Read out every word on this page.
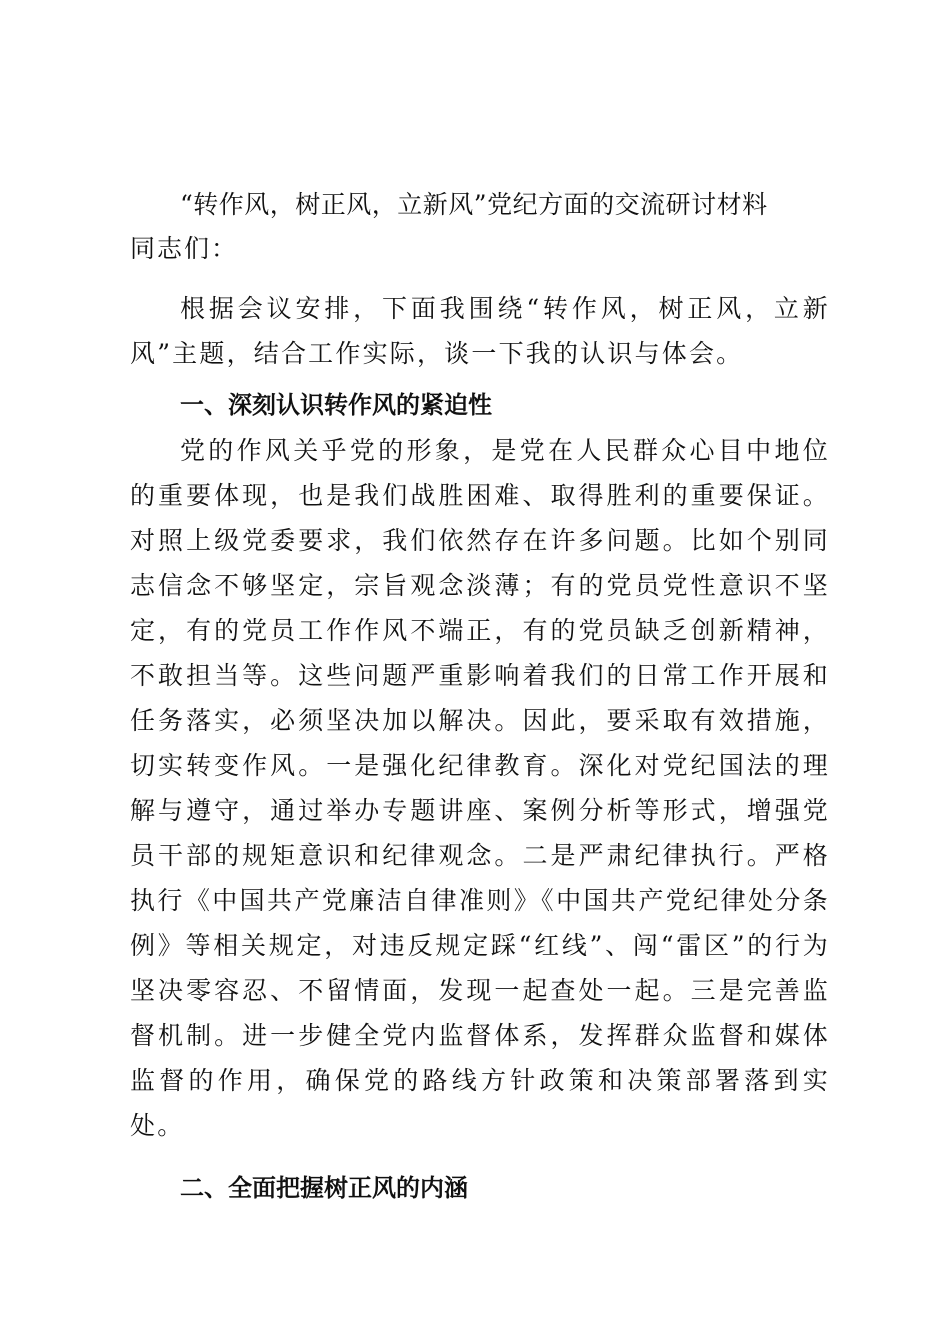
“转作风，树正风，立新风”党纪方面的交流研讨材料
同志们：

根据会议安排，下面我围绕“转作风，树正风，立新风”主题，结合工作实际，谈一下我的认识与体会。

一、深刻认识转作风的紧迫性

党的作风关乎党的形象，是党在人民群众心目中地位的重要体现，也是我们战胜困难、取得胜利的重要保证。对照上级党委要求，我们依然存在许多问题。比如个别同志信念不够坚定，宗旨观念淡薄；有的党员党性意识不坚定，有的党员工作作风不端正，有的党员缺乏创新精神，不敢担当等。这些问题严重影响着我们的日常工作开展和任务落实，必须坚决加以解决。因此，要采取有效措施，切实转变作风。一是强化纪律教育。深化对党纪国法的理解与遵守，通过举办专题讲座、案例分析等形式，增强党员干部的规矩意识和纪律观念。二是严肃纪律执行。严格执行《中国共产党廉洁自律准则》《中国共产党纪律处分条例》等相关规定，对违反规定踩“红线”、闯“雷区”的行为坚决零容忍、不留情面，发现一起查处一起。三是完善监督机制。进一步健全党内监督体系，发挥群众监督和媒体监督的作用，确保党的路线方针政策和决策部署落到实处。

二、全面把握树正风的内涵
